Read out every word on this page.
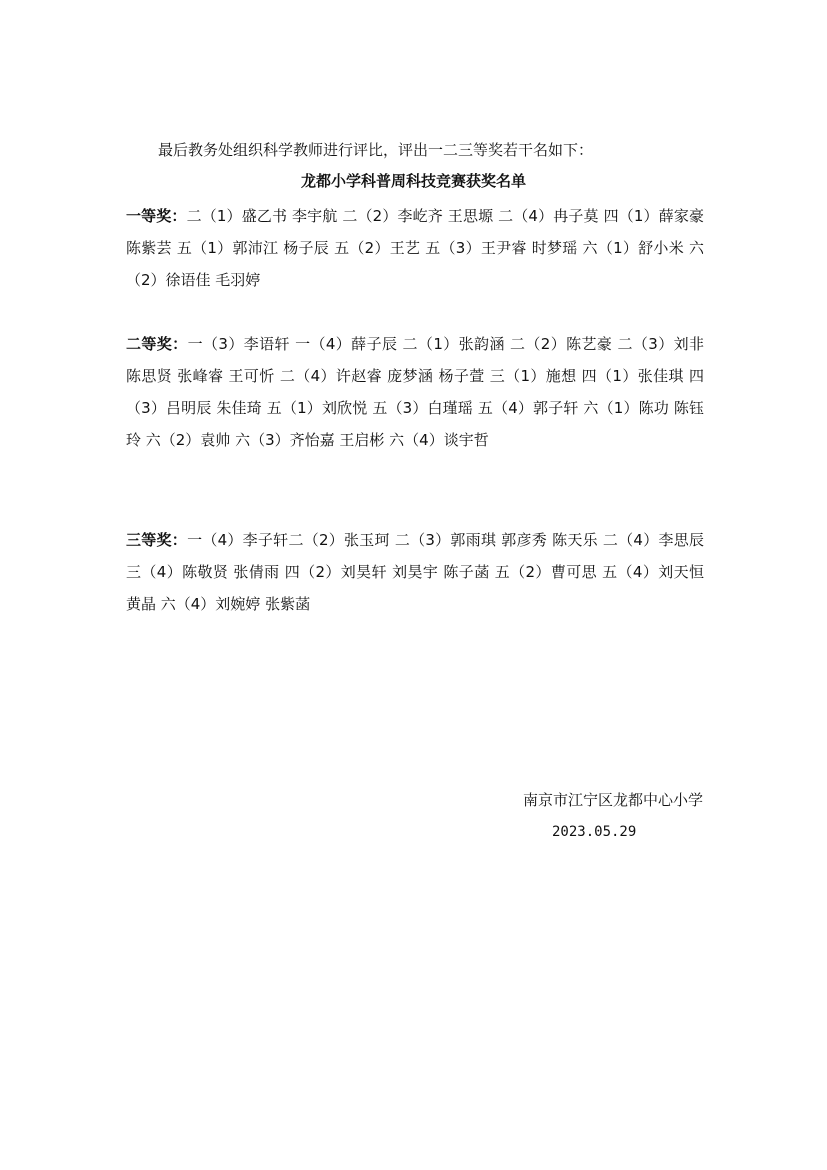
最后教务处组织科学教师进行评比，评出一二三等奖若干名如下：
龙都小学科普周科技竞赛获奖名单
一等奖：二（1）盛乙书 李宇航 二（2）李屹齐 王思塬 二（4）冉子莫 四（1）薛家豪 陈紫芸 五（1）郭沛江 杨子辰 五（2）王艺 五（3）王尹睿 时梦瑶 六（1）舒小米 六（2）徐语佳 毛羽婷
二等奖：一（3）李语轩 一（4）薛子辰 二（1）张韵涵 二（2）陈艺豪 二（3）刘非 陈思贤 张峰睿 王可忻 二（4）许赵睿 庞梦涵 杨子萱 三（1）施想 四（1）张佳琪 四（3）吕明辰 朱佳琦 五（1）刘欣悦 五（3）白瑾瑶 五（4）郭子轩 六（1）陈功 陈钰玲 六（2）袁帅 六（3）齐怡嘉 王启彬 六（4）谈宇哲
三等奖：一（4）李子轩二（2）张玉珂 二（3）郭雨琪 郭彦秀 陈天乐 二（4）李思辰 三（4）陈敬贤 张倩雨 四（2）刘昊轩 刘昊宇 陈子菡 五（2）曹可思 五（4）刘天恒 黄晶 六（4）刘婉婷 张紫菡
南京市江宁区龙都中心小学
2023.05.29
